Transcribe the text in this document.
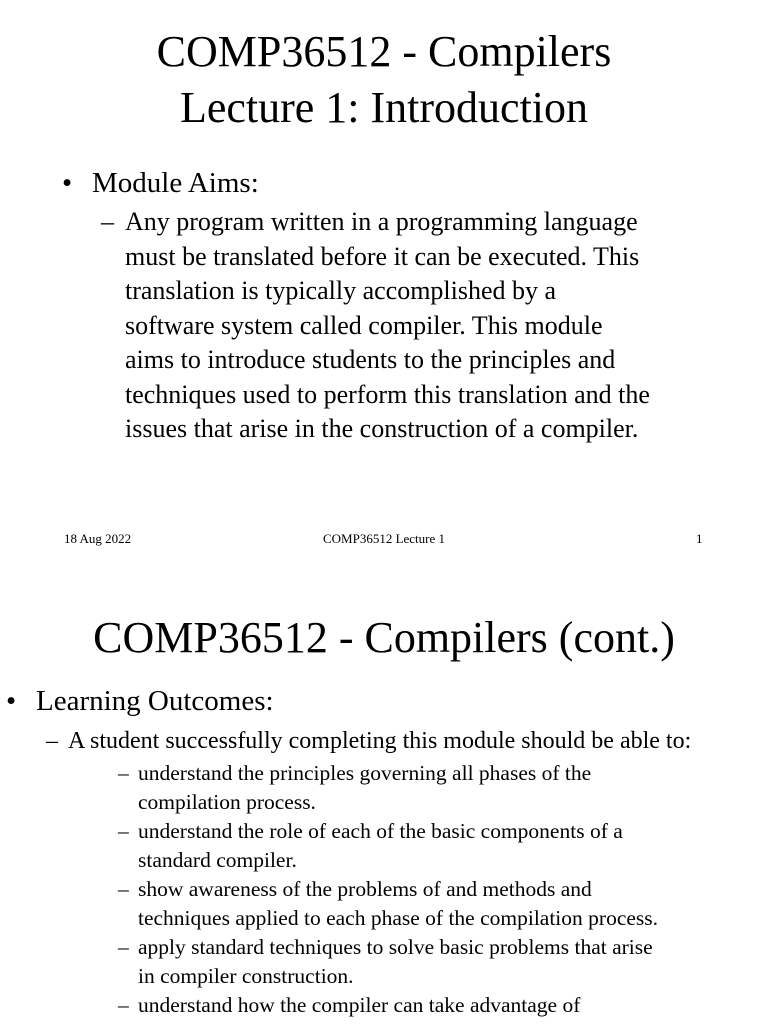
COMP36512 - Compilers
Lecture 1: Introduction
• Module Aims:
– Any program written in a programming language
must be translated before it can be executed. This
translation is typically accomplished by a
software system called compiler. This module
aims to introduce students to the principles and
techniques used to perform this translation and the
issues that arise in the construction of a compiler.
18 Aug 2022	COMP36512 Lecture 1	1
COMP36512 - Compilers (cont.)
• Learning Outcomes:
– A student successfully completing this module should be able to:
– understand the principles governing all phases of the
compilation process.
– understand the role of each of the basic components of a
standard compiler.
– show awareness of the problems of and methods and
techniques applied to each phase of the compilation process.
– apply standard techniques to solve basic problems that arise
in compiler construction.
– understand how the compiler can take advantage of
